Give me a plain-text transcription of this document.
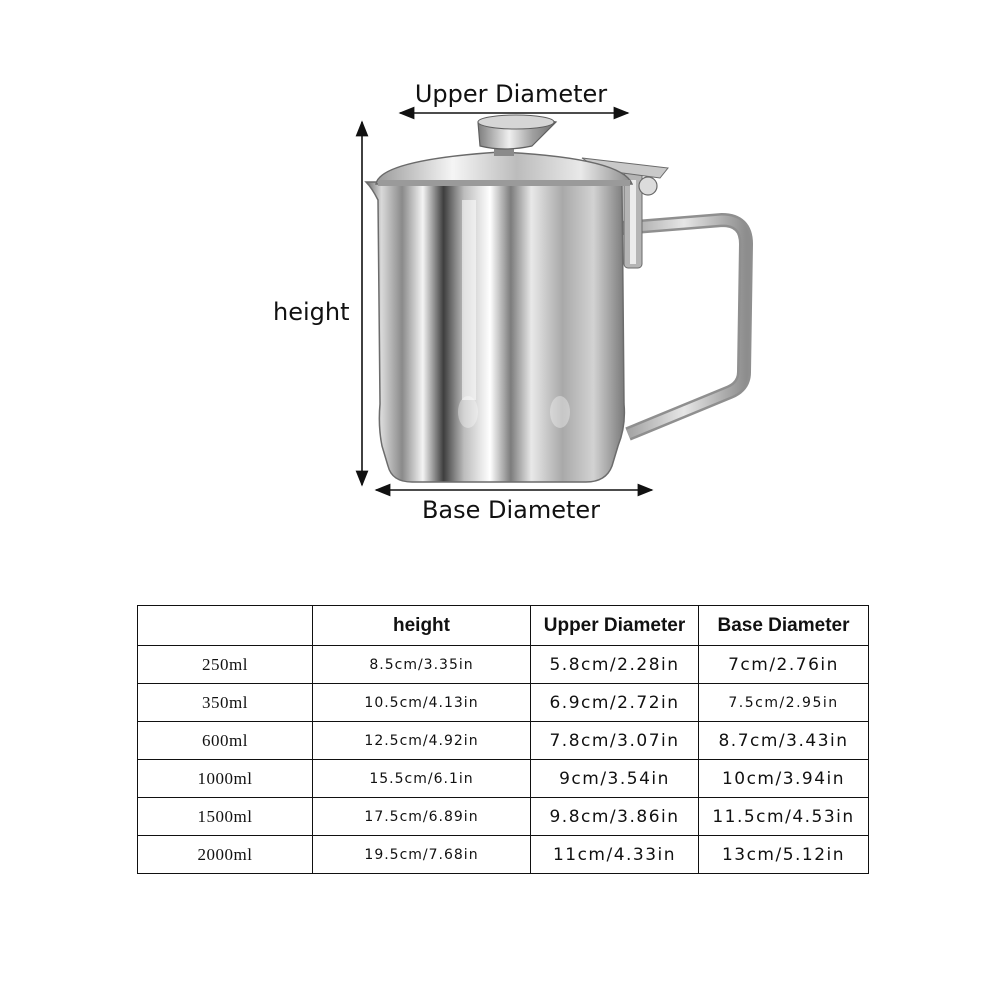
Upper Diameter
height
Base Diameter
	height	Upper Diameter	Base Diameter
250ml	8.5cm/3.35in	5.8cm/2.28in	7cm/2.76in
350ml	10.5cm/4.13in	6.9cm/2.72in	7.5cm/2.95in
600ml	12.5cm/4.92in	7.8cm/3.07in	8.7cm/3.43in
1000ml	15.5cm/6.1in	9cm/3.54in	10cm/3.94in
1500ml	17.5cm/6.89in	9.8cm/3.86in	11.5cm/4.53in
2000ml	19.5cm/7.68in	11cm/4.33in	13cm/5.12in
